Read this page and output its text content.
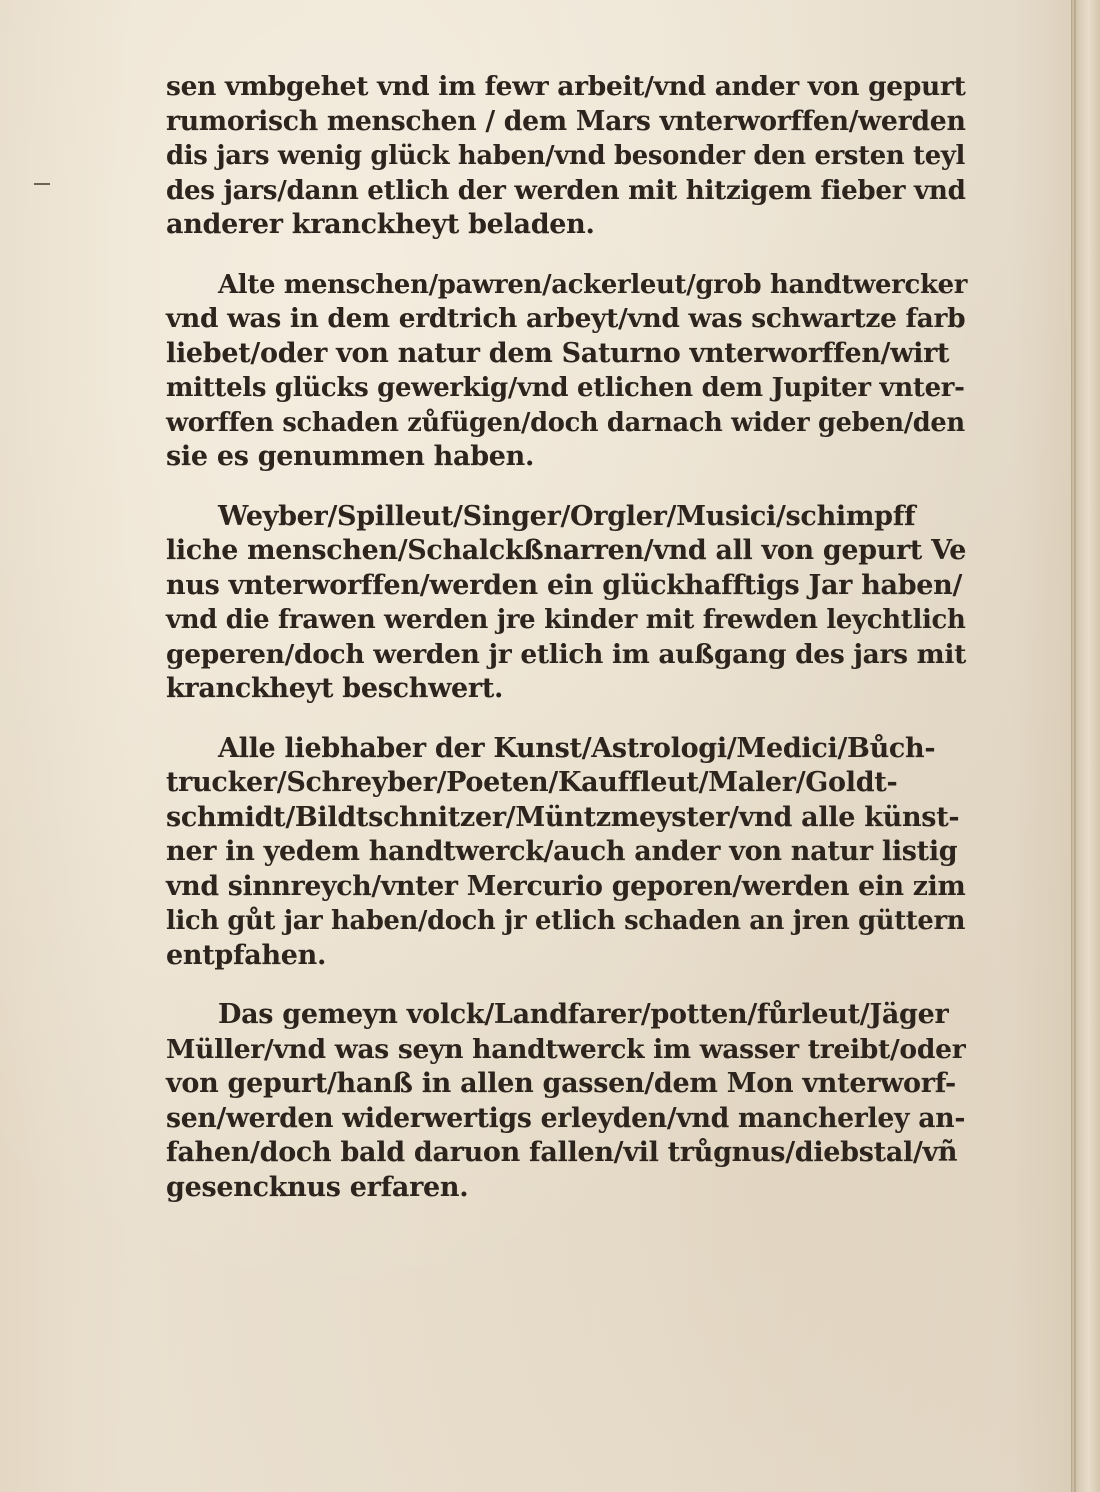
sen vmbgehet vnd im fewr arbeit/vnd ander von gepurt
rumorisch menschen / dem Mars vnterworffen/werden
dis jars wenig glück haben/vnd besonder den ersten teyl
des jars/dann etlich der werden mit hitzigem fieber vnd
anderer kranckheyt beladen.

Alte menschen/pawren/ackerleut/grob handtwercker
vnd was in dem erdtrich arbeyt/vnd was schwartze farb
liebet/oder von natur dem Saturno vnterworffen/wirt
mittels glücks gewerkig/vnd etlichen dem Jupiter vnter-
worffen schaden zůfügen/doch darnach wider geben/den
sie es genummen haben.

Weyber/Spilleut/Singer/Orgler/Musici/schimpff
liche menschen/Schalckßnarren/vnd all von gepurt Ve
nus vnterworffen/werden ein glückhafftigs Jar haben/
vnd die frawen werden jre kinder mit frewden leychtlich
geperen/doch werden jr etlich im außgang des jars mit
kranckheyt beschwert.

Alle liebhaber der Kunst/Astrologi/Medici/Bůch-
trucker/Schreyber/Poeten/Kauffleut/Maler/Goldt-
schmidt/Bildtschnitzer/Müntzmeyster/vnd alle künst-
ner in yedem handtwerck/auch ander von natur listig
vnd sinnreych/vnter Mercurio geporen/werden ein zim
lich gůt jar haben/doch jr etlich schaden an jren güttern
entpfahen.

Das gemeyn volck/Landfarer/potten/fůrleut/Jäger
Müller/vnd was seyn handtwerck im wasser treibt/oder
von gepurt/hanß in allen gassen/dem Mon vnterworf-
sen/werden widerwertigs erleyden/vnd mancherley an-
fahen/doch bald daruon fallen/vil trůgnus/diebstal/vñ
gesencknus erfaren.
